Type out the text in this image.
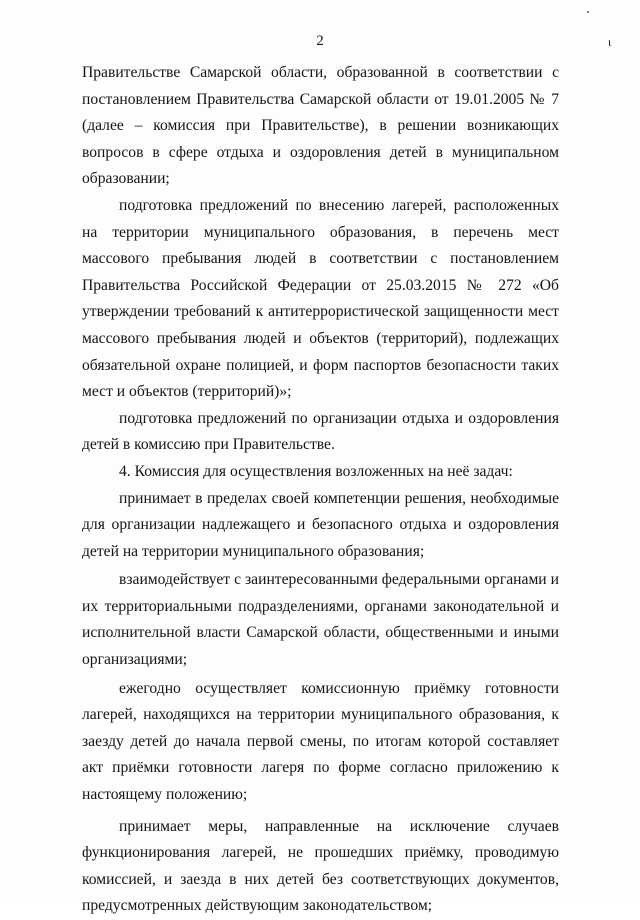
2	ι

Правительстве Самарской области, образованной в соответствии с постановлением Правительства Самарской области от 19.01.2005 № 7 (далее – комиссия при Правительстве), в решении возникающих вопросов в сфере отдыха и оздоровления детей в муниципальном образовании;

подготовка предложений по внесению лагерей, расположенных на территории муниципального образования, в перечень мест массового пребывания людей в соответствии с постановлением Правительства Российской Федерации от 25.03.2015 № 272 «Об утверждении требований к антитеррористической защищенности мест массового пребывания людей и объектов (территорий), подлежащих обязательной охране полицией, и форм паспортов безопасности таких мест и объектов (территорий)»;

подготовка предложений по организации отдыха и оздоровления детей в комиссию при Правительстве.

4. Комиссия для осуществления возложенных на неё задач:

принимает в пределах своей компетенции решения, необходимые для организации надлежащего и безопасного отдыха и оздоровления детей на территории муниципального образования;

взаимодействует с заинтересованными федеральными органами и их территориальными подразделениями, органами законодательной и исполнительной власти Самарской области, общественными и иными организациями;

ежегодно осуществляет комиссионную приёмку готовности лагерей, находящихся на территории муниципального образования, к заезду детей до начала первой смены, по итогам которой составляет акт приёмки готовности лагеря по форме согласно приложению к настоящему положению;

принимает меры, направленные на исключение случаев функционирования лагерей, не прошедших приёмку, проводимую комиссией, и заезда в них детей без соответствующих документов, предусмотренных действующим законодательством;
